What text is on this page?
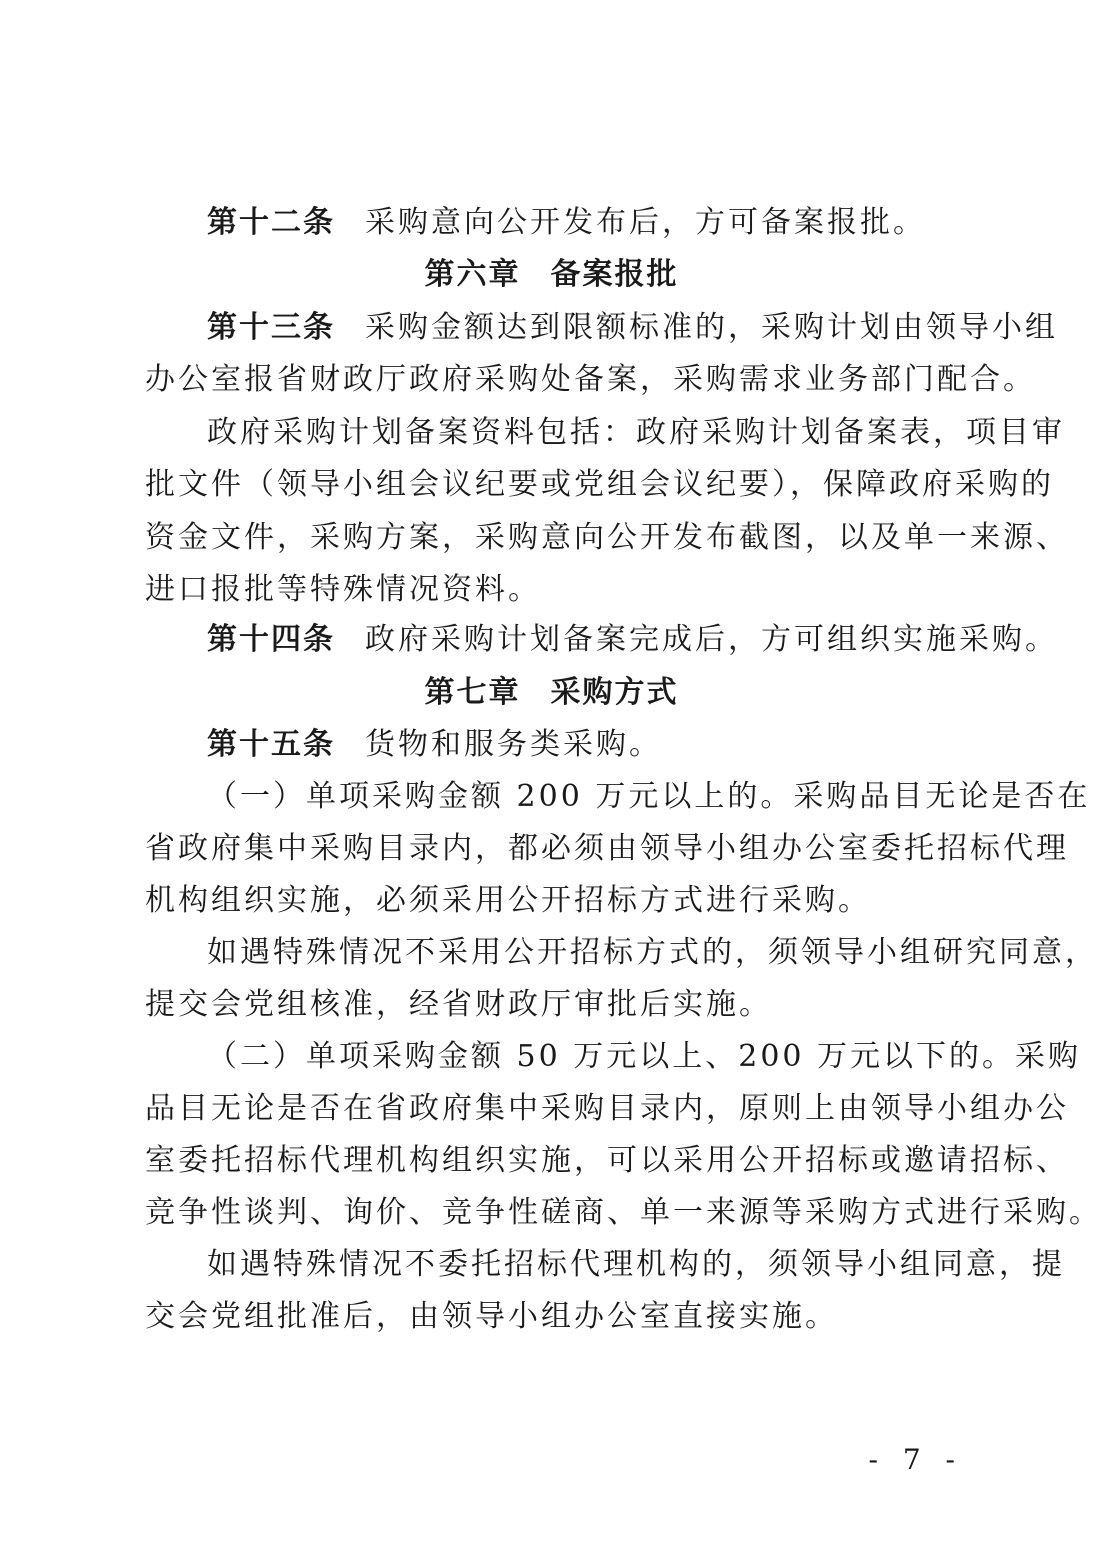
第十二条 采购意向公开发布后，方可备案报批。
第六章 备案报批
第十三条 采购金额达到限额标准的，采购计划由领导小组
办公室报省财政厅政府采购处备案，采购需求业务部门配合。
政府采购计划备案资料包括：政府采购计划备案表，项目审
批文件（领导小组会议纪要或党组会议纪要），保障政府采购的
资金文件，采购方案，采购意向公开发布截图，以及单一来源、
进口报批等特殊情况资料。
第十四条 政府采购计划备案完成后，方可组织实施采购。
第七章 采购方式
第十五条 货物和服务类采购。
（一）单项采购金额 200 万元以上的。采购品目无论是否在
省政府集中采购目录内，都必须由领导小组办公室委托招标代理
机构组织实施，必须采用公开招标方式进行采购。
如遇特殊情况不采用公开招标方式的，须领导小组研究同意，
提交会党组核准，经省财政厅审批后实施。
（二）单项采购金额 50 万元以上、200 万元以下的。采购
品目无论是否在省政府集中采购目录内，原则上由领导小组办公
室委托招标代理机构组织实施，可以采用公开招标或邀请招标、
竞争性谈判、询价、竞争性磋商、单一来源等采购方式进行采购。
如遇特殊情况不委托招标代理机构的，须领导小组同意，提
交会党组批准后，由领导小组办公室直接实施。
- 7 -
